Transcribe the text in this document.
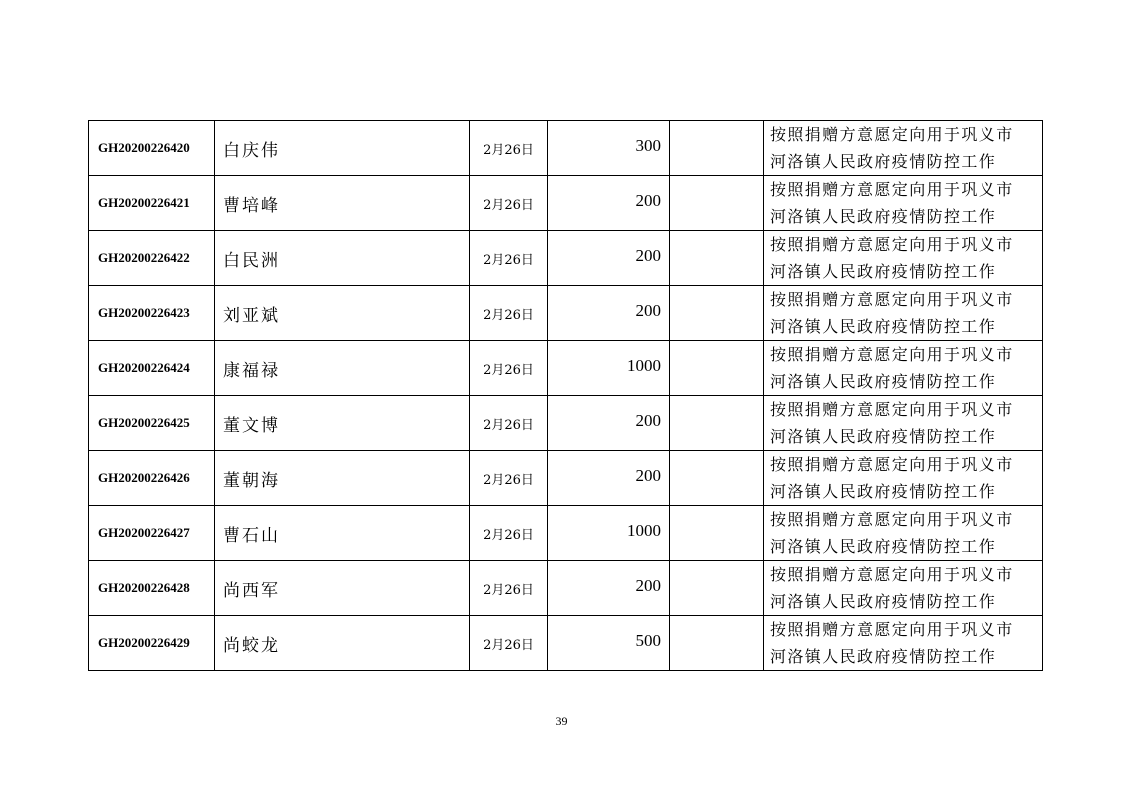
GH20200226420	白庆伟	2月26日	300		按照捐赠方意愿定向用于巩义市
河洛镇人民政府疫情防控工作

GH20200226421	曹培峰	2月26日	200		按照捐赠方意愿定向用于巩义市
河洛镇人民政府疫情防控工作

GH20200226422	白民洲	2月26日	200		按照捐赠方意愿定向用于巩义市
河洛镇人民政府疫情防控工作

GH20200226423	刘亚斌	2月26日	200		按照捐赠方意愿定向用于巩义市
河洛镇人民政府疫情防控工作

GH20200226424	康福禄	2月26日	1000		按照捐赠方意愿定向用于巩义市
河洛镇人民政府疫情防控工作

GH20200226425	董文博	2月26日	200		按照捐赠方意愿定向用于巩义市
河洛镇人民政府疫情防控工作

GH20200226426	董朝海	2月26日	200		按照捐赠方意愿定向用于巩义市
河洛镇人民政府疫情防控工作

GH20200226427	曹石山	2月26日	1000		按照捐赠方意愿定向用于巩义市
河洛镇人民政府疫情防控工作

GH20200226428	尚西军	2月26日	200		按照捐赠方意愿定向用于巩义市
河洛镇人民政府疫情防控工作

GH20200226429	尚蛟龙	2月26日	500		按照捐赠方意愿定向用于巩义市
河洛镇人民政府疫情防控工作
39
